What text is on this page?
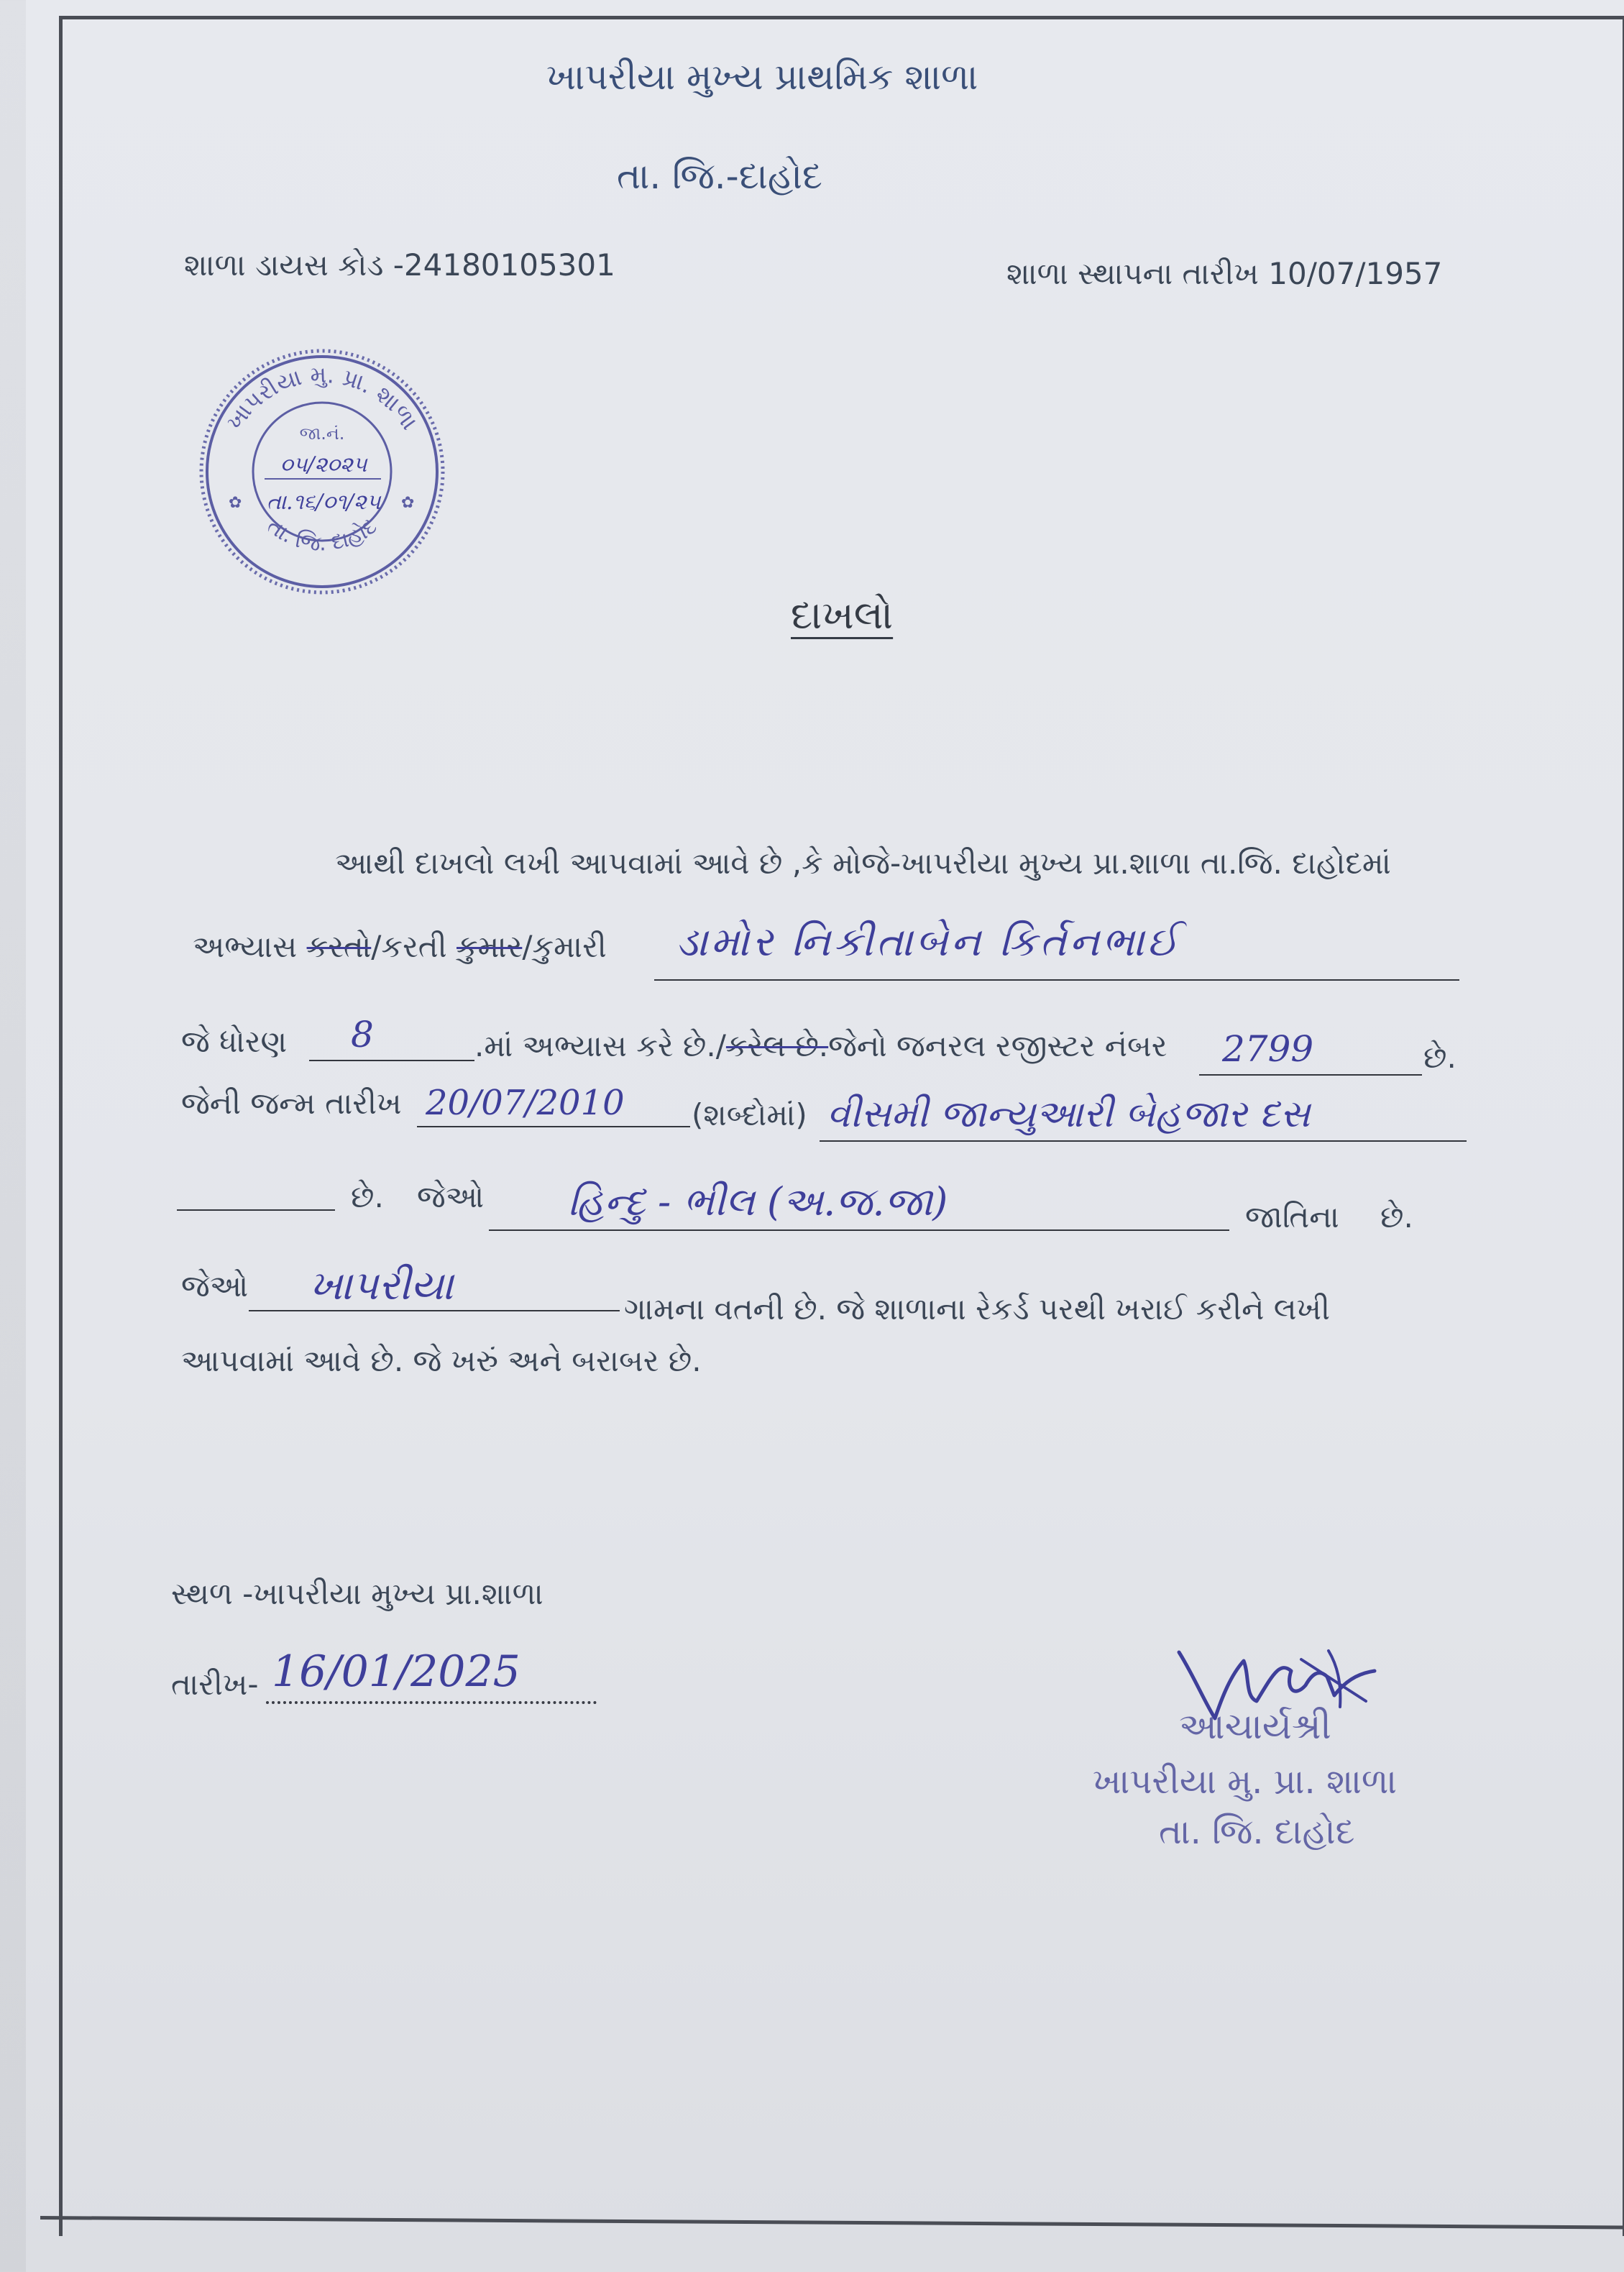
ખાપરીયા મુખ્ય પ્રાથમિક શાળા
તા. જિ.-દાહોદ
શાળા ડાયસ કોડ -24180105301	શાળા સ્થાપના તારીખ 10/07/1957
ખાપરીયા મુ. પ્રા. શાળા
તા. જિ. દાહોદ
જા.નં.
૦૫/૨૦૨૫
તા.૧૬/૦૧/૨૫
✿	✿
દાખલો
આથી દાખલો લખી આપવામાં આવે છે ,કે મોજે-ખાપરીયા મુખ્ય પ્રા.શાળા તા.જિ. દાહોદમાં
અભ્યાસ કરતો/કરતી કુમાર/કુમારી ડામોર નિકીતાબેન કિર્તનભાઈ
જે ધોરણ 8	.માં અભ્યાસ કરે છે./કરેલ છે.જેનો જનરલ રજીસ્ટર નંબર 2799	છે.
જેની જન્મ તારીખ 20/07/2010 (શબ્દોમાં) વીસમી જાન્યુઆરી બેહજાર દસ
છે. જેઓ હિન્દુ - ભીલ (અ.જ.જા)	જાતિના છે.
જેઓ ખાપરીયા	ગામના વતની છે. જે શાળાના રેકર્ડ પરથી ખરાઈ કરીને લખી
આપવામાં આવે છે. જે ખરું અને બરાબર છે.
સ્થળ -ખાપરીયા મુખ્ય પ્રા.શાળા
તારીખ- 16/01/2025
આચાર્યશ્રી
ખાપરીયા મુ. પ્રા. શાળા
તા. જિ. દાહોદ
